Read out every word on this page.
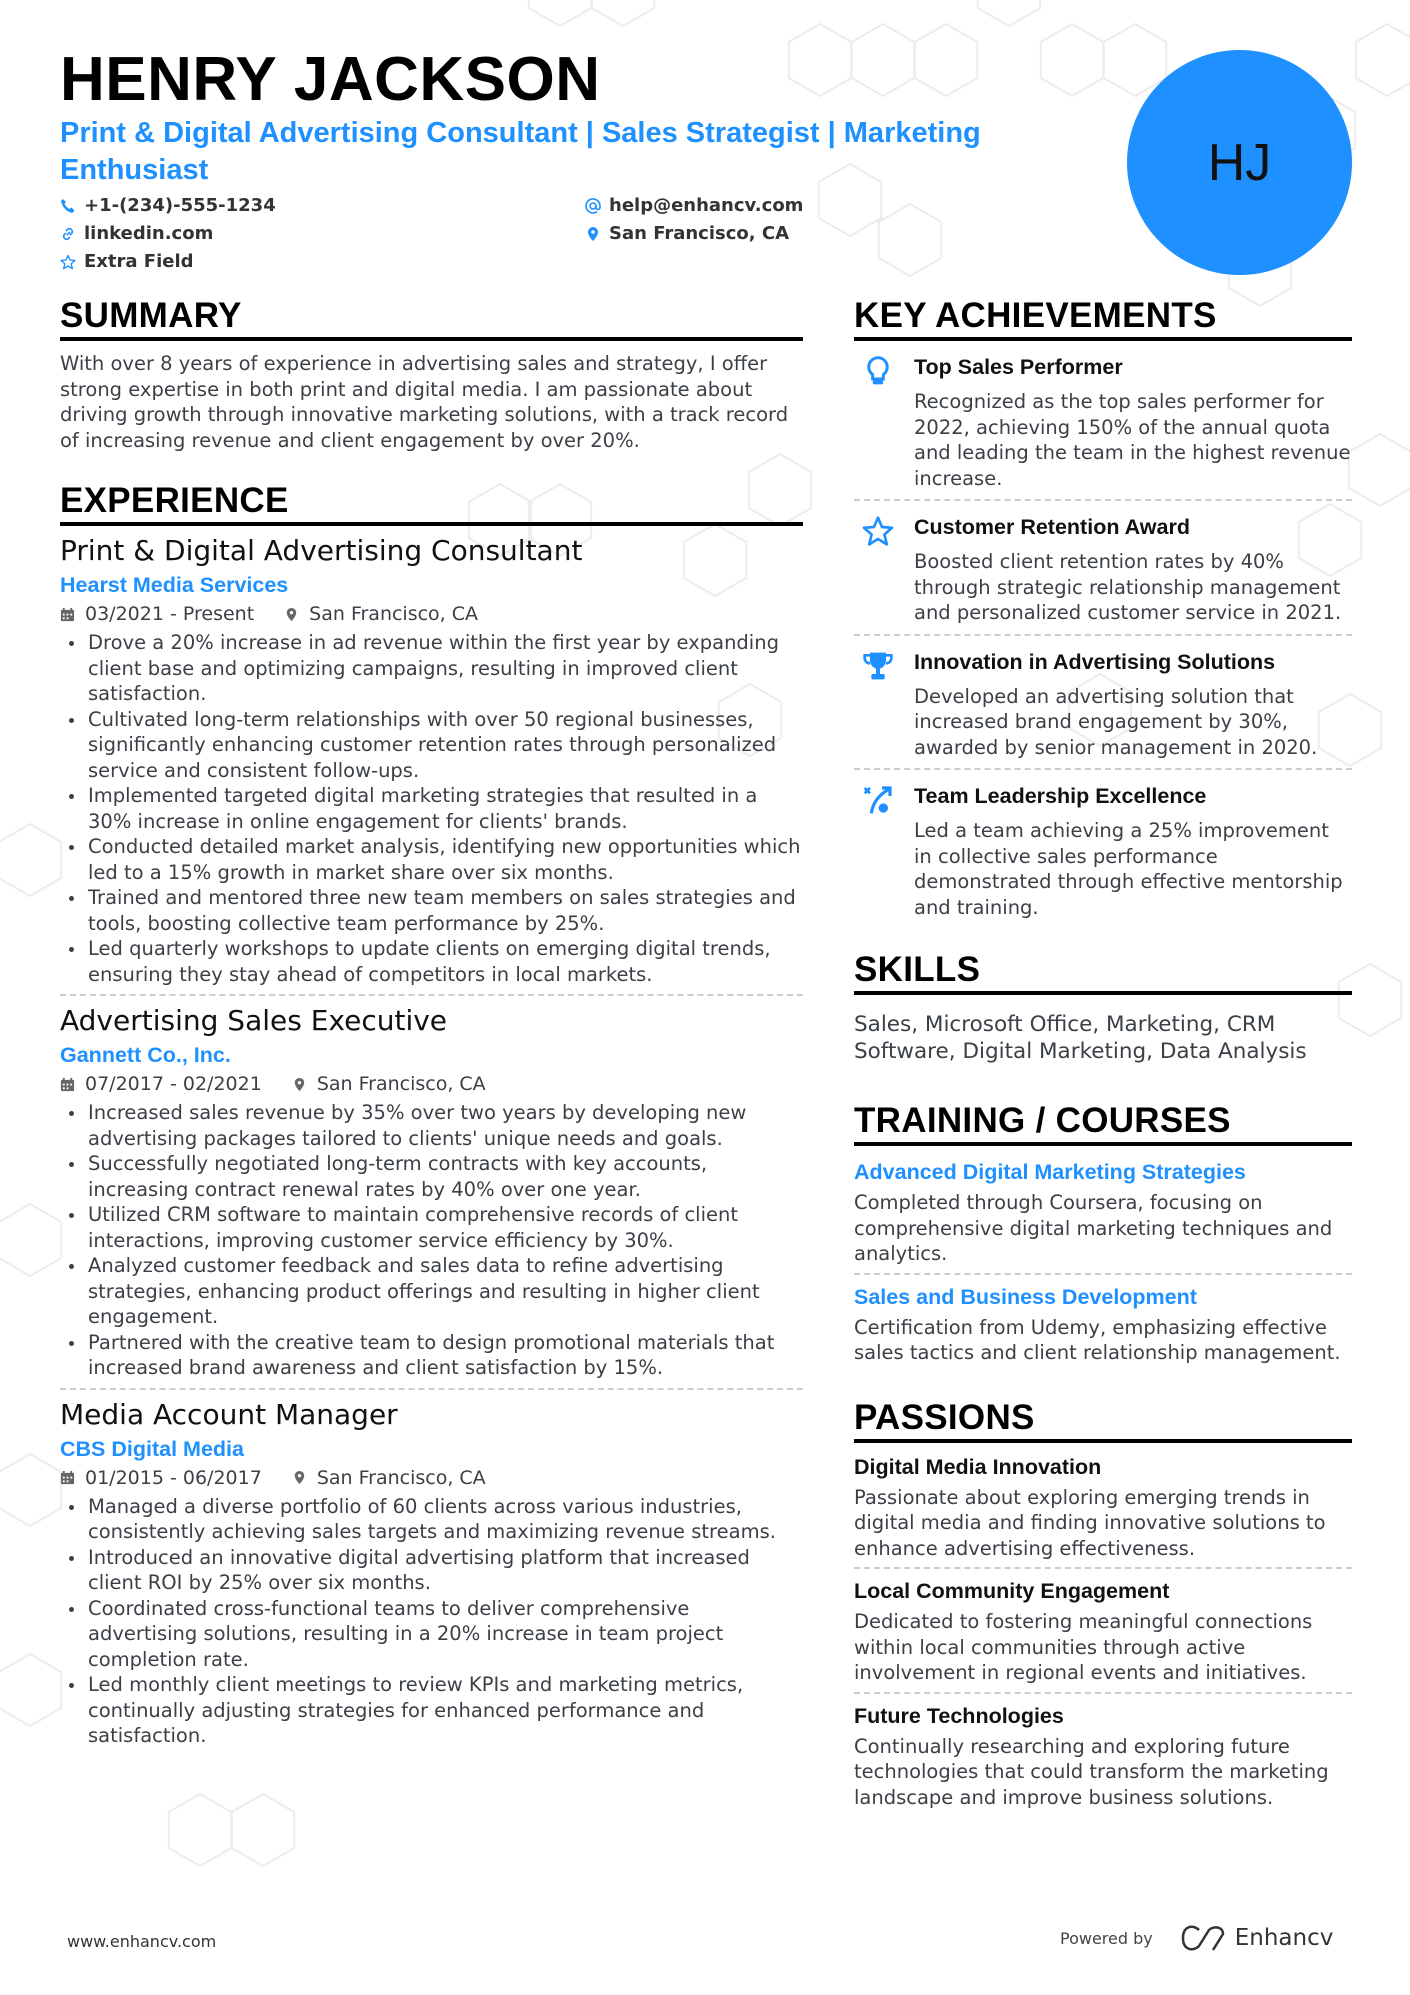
HENRY JACKSON
Print & Digital Advertising Consultant | Sales Strategist | Marketing Enthusiast
+1-(234)-555-1234	help@enhancv.com
linkedin.com	San Francisco, CA
Extra Field
HJ
SUMMARY

With over 8 years of experience in advertising sales and strategy, I offer strong expertise in both print and digital media. I am passionate about driving growth through innovative marketing solutions, with a track record of increasing revenue and client engagement by over 20%.

EXPERIENCE
Print & Digital Advertising Consultant
Hearst Media Services
03/2021 - Present	San Francisco, CA
Drove a 20% increase in ad revenue within the first year by expanding client base and optimizing campaigns, resulting in improved client satisfaction.
Cultivated long-term relationships with over 50 regional businesses, significantly enhancing customer retention rates through personalized service and consistent follow-ups.
Implemented targeted digital marketing strategies that resulted in a 30% increase in online engagement for clients' brands.
Conducted detailed market analysis, identifying new opportunities which led to a 15% growth in market share over six months.
Trained and mentored three new team members on sales strategies and tools, boosting collective team performance by 25%.
Led quarterly workshops to update clients on emerging digital trends, ensuring they stay ahead of competitors in local markets.
Advertising Sales Executive
Gannett Co., Inc.
07/2017 - 02/2021	San Francisco, CA
Increased sales revenue by 35% over two years by developing new advertising packages tailored to clients' unique needs and goals.
Successfully negotiated long-term contracts with key accounts, increasing contract renewal rates by 40% over one year.
Utilized CRM software to maintain comprehensive records of client interactions, improving customer service efficiency by 30%.
Analyzed customer feedback and sales data to refine advertising strategies, enhancing product offerings and resulting in higher client engagement.
Partnered with the creative team to design promotional materials that increased brand awareness and client satisfaction by 15%.
Media Account Manager
CBS Digital Media
01/2015 - 06/2017	San Francisco, CA
Managed a diverse portfolio of 60 clients across various industries, consistently achieving sales targets and maximizing revenue streams.
Introduced an innovative digital advertising platform that increased client ROI by 25% over six months.
Coordinated cross-functional teams to deliver comprehensive advertising solutions, resulting in a 20% increase in team project completion rate.
Led monthly client meetings to review KPIs and marketing metrics, continually adjusting strategies for enhanced performance and satisfaction.
KEY ACHIEVEMENTS
Top Sales Performer
Recognized as the top sales performer for 2022, achieving 150% of the annual quota and leading the team in the highest revenue increase.
Customer Retention Award
Boosted client retention rates by 40% through strategic relationship management and personalized customer service in 2021.
Innovation in Advertising Solutions
Developed an advertising solution that increased brand engagement by 30%, awarded by senior management in 2020.
Team Leadership Excellence
Led a team achieving a 25% improvement in collective sales performance demonstrated through effective mentorship and training.
SKILLS

Sales, Microsoft Office, Marketing, CRM Software, Digital Marketing, Data Analysis

TRAINING / COURSES
Advanced Digital Marketing Strategies
Completed through Coursera, focusing on comprehensive digital marketing techniques and analytics.
Sales and Business Development
Certification from Udemy, emphasizing effective sales tactics and client relationship management.
PASSIONS
Digital Media Innovation
Passionate about exploring emerging trends in digital media and finding innovative solutions to enhance advertising effectiveness.
Local Community Engagement
Dedicated to fostering meaningful connections within local communities through active involvement in regional events and initiatives.
Future Technologies
Continually researching and exploring future technologies that could transform the marketing landscape and improve business solutions.
www.enhancv.com	Powered by	Enhancv
